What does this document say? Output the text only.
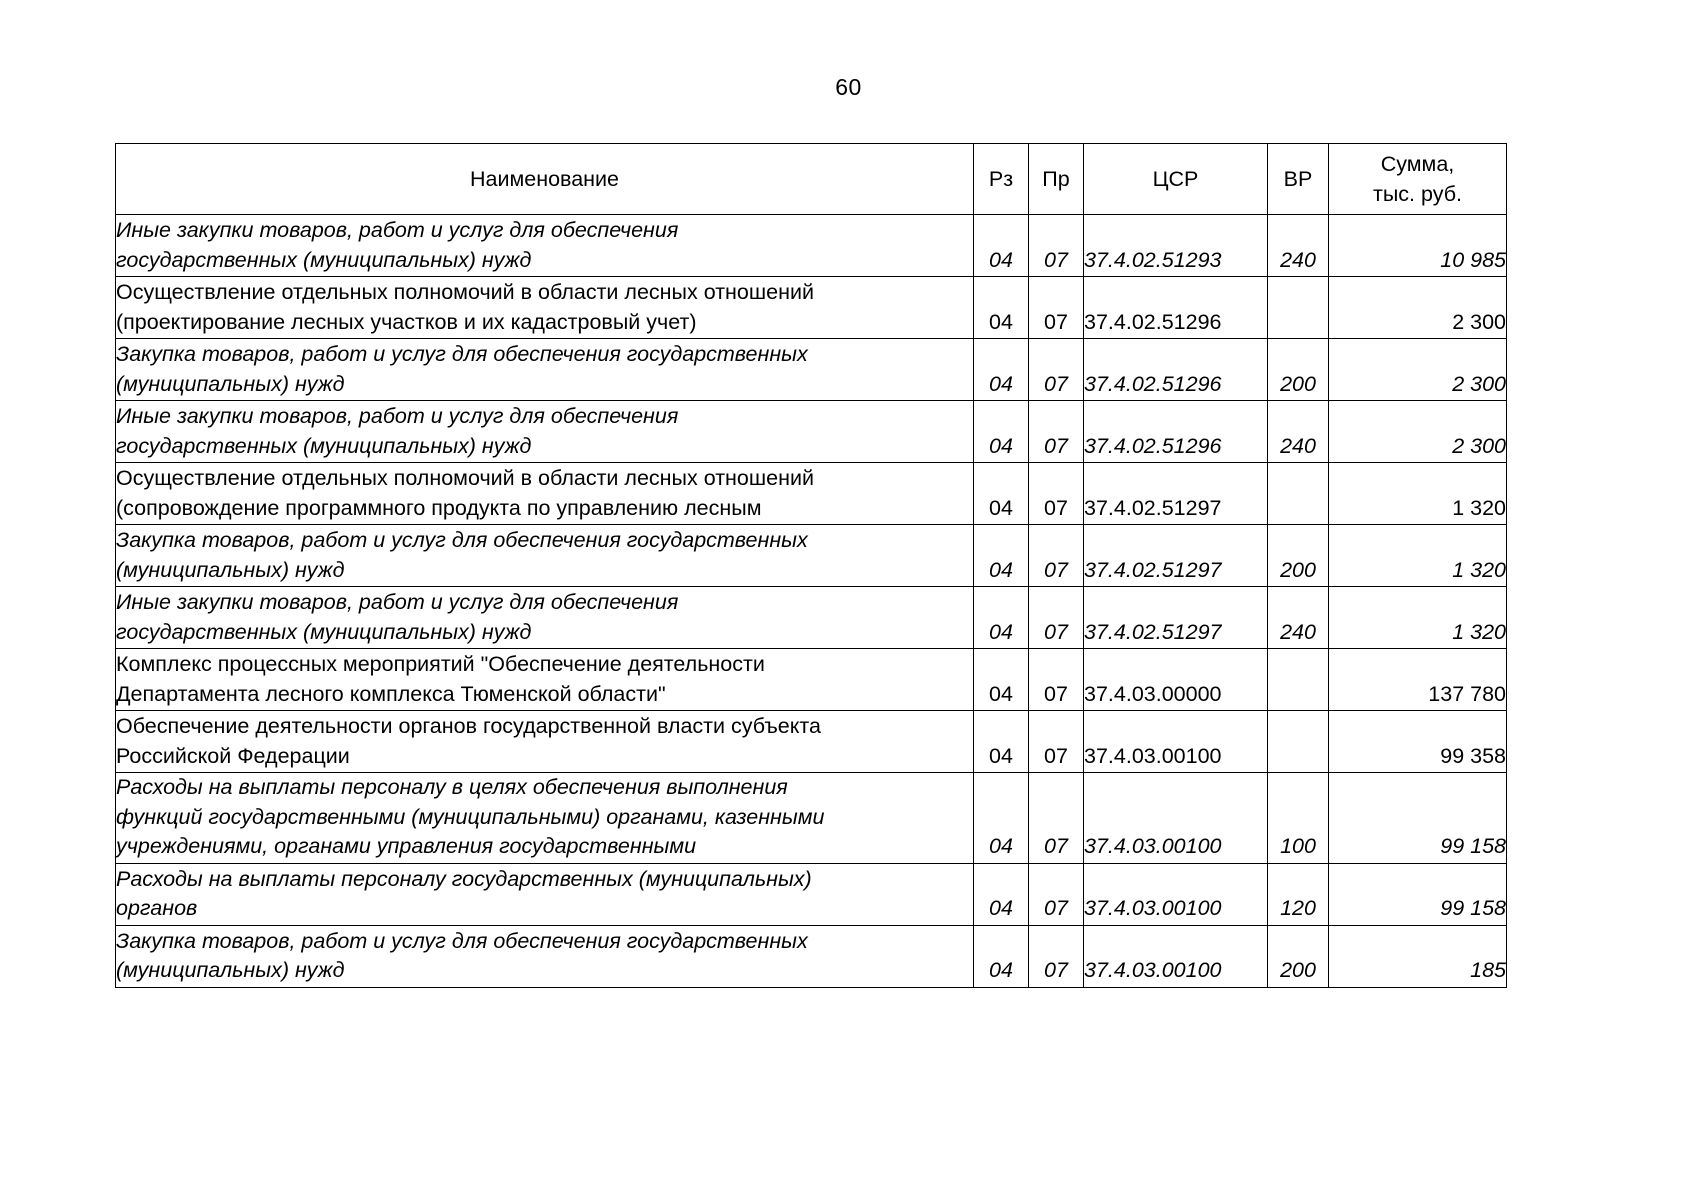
60
Наименование	Рз	Пр	ЦСР	ВР	Сумма,
тыс. руб.
Иные закупки товаров, работ и услуг для обеспечения
государственных (муниципальных) нужд	04	07	37.4.02.51293	240	10 985
Осуществление отдельных полномочий в области лесных отношений
(проектирование лесных участков и их кадастровый учет)	04	07	37.4.02.51296		2 300
Закупка товаров, работ и услуг для обеспечения государственных
(муниципальных) нужд	04	07	37.4.02.51296	200	2 300
Иные закупки товаров, работ и услуг для обеспечения
государственных (муниципальных) нужд	04	07	37.4.02.51296	240	2 300
Осуществление отдельных полномочий в области лесных отношений
(сопровождение программного продукта по управлению лесным	04	07	37.4.02.51297		1 320
Закупка товаров, работ и услуг для обеспечения государственных
(муниципальных) нужд	04	07	37.4.02.51297	200	1 320
Иные закупки товаров, работ и услуг для обеспечения
государственных (муниципальных) нужд	04	07	37.4.02.51297	240	1 320
Комплекс процессных мероприятий "Обеспечение деятельности
Департамента лесного комплекса Тюменской области"	04	07	37.4.03.00000		137 780
Обеспечение деятельности органов государственной власти субъекта
Российской Федерации	04	07	37.4.03.00100		99 358
Расходы на выплаты персоналу в целях обеспечения выполнения
функций государственными (муниципальными) органами, казенными
учреждениями, органами управления государственными	04	07	37.4.03.00100	100	99 158
Расходы на выплаты персоналу государственных (муниципальных)
органов	04	07	37.4.03.00100	120	99 158
Закупка товаров, работ и услуг для обеспечения государственных
(муниципальных) нужд	04	07	37.4.03.00100	200	185
